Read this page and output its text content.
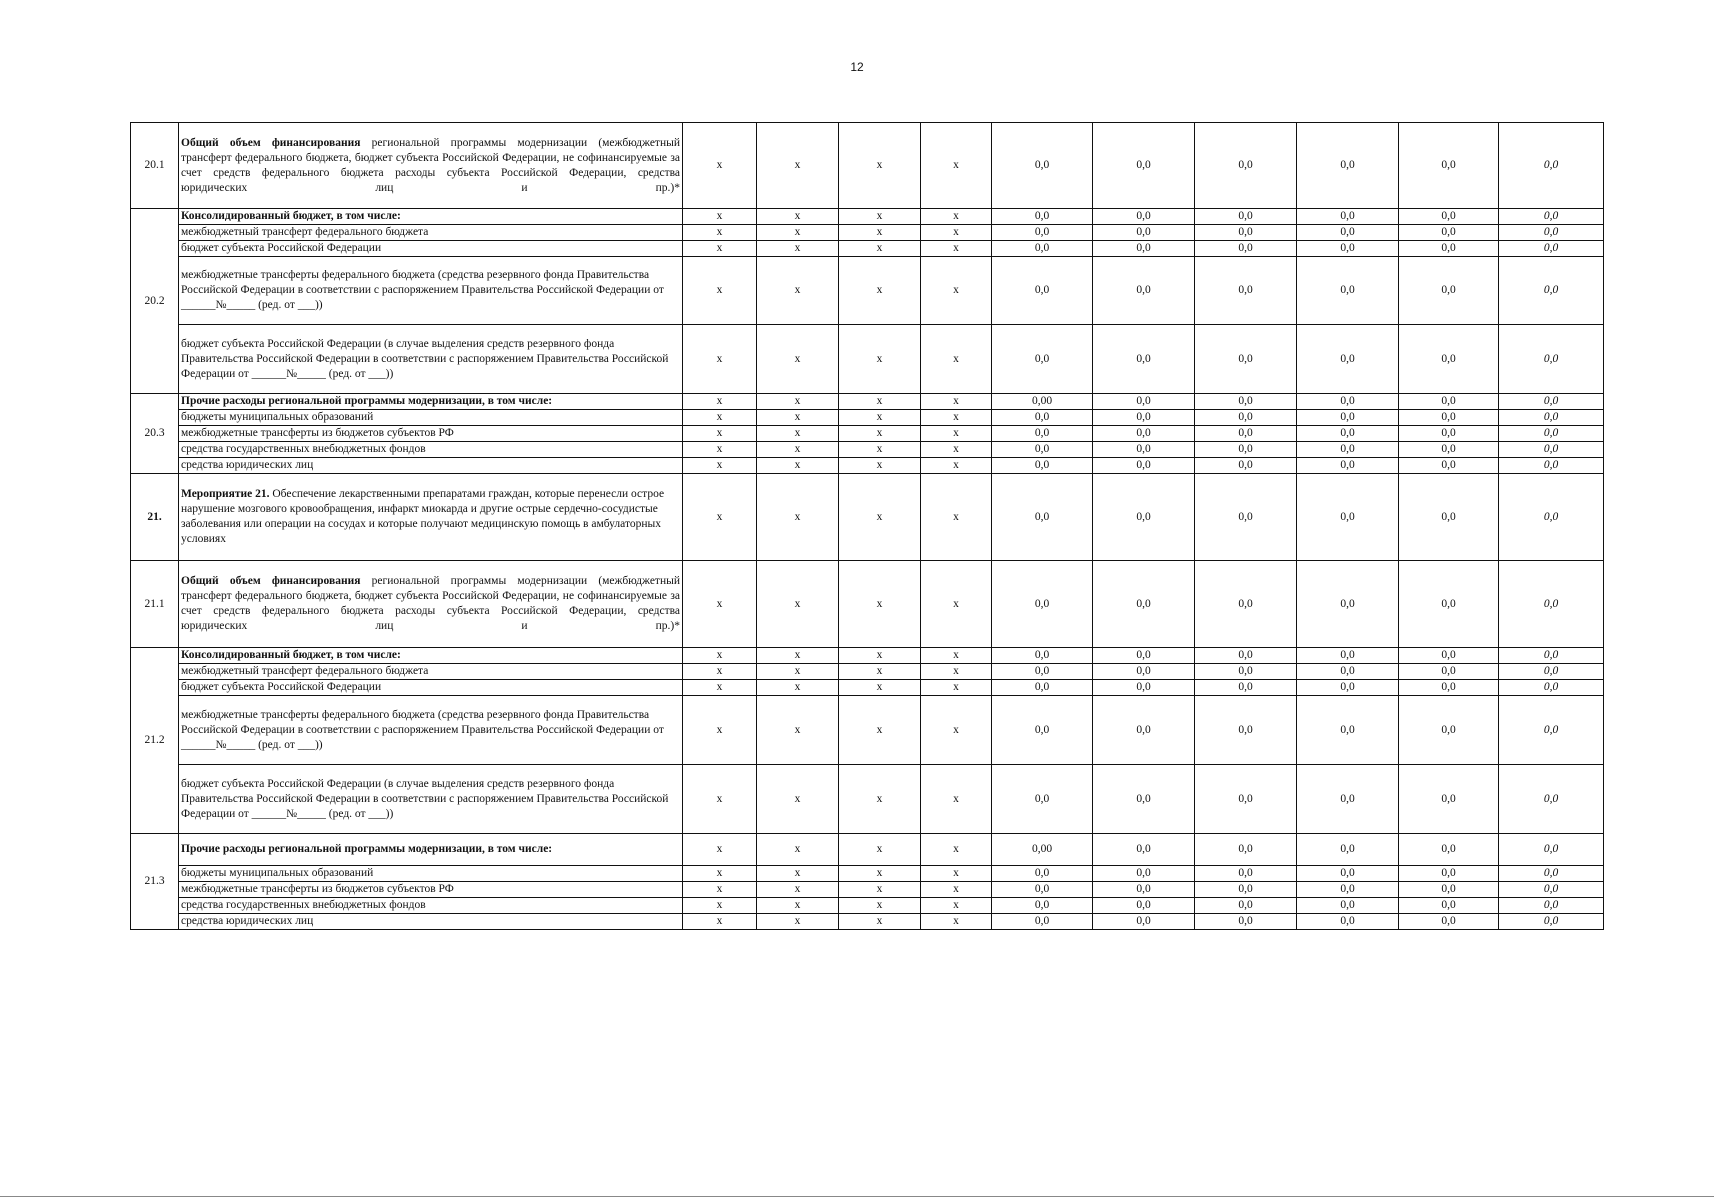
12
20.1	Общий объем финансирования региональной программы модернизации (межбюджетный трансферт федерального бюджета, бюджет субъекта Российской Федерации, не софинансируемые за счет средств федерального бюджета расходы субъекта Российской Федерации, средства юридических лиц и пр.)*	x	x	x	x	0,0	0,0	0,0	0,0	0,0	0,0
20.2	Консолидированный бюджет, в том числе:	x	x	x	x	0,0	0,0	0,0	0,0	0,0	0,0
	межбюджетный трансферт федерального бюджета	x	x	x	x	0,0	0,0	0,0	0,0	0,0	0,0
	бюджет субъекта Российской Федерации	x	x	x	x	0,0	0,0	0,0	0,0	0,0	0,0
	межбюджетные трансферты федерального бюджета (средства резервного фонда Правительства Российской Федерации в соответствии с распоряжением Правительства Российской Федерации от ______№_____ (ред. от ___))	x	x	x	x	0,0	0,0	0,0	0,0	0,0	0,0
	бюджет субъекта Российской Федерации (в случае выделения средств резервного фонда Правительства Российской Федерации в соответствии с распоряжением Правительства Российской Федерации от ______№_____ (ред. от ___))	x	x	x	x	0,0	0,0	0,0	0,0	0,0	0,0
20.3	Прочие расходы региональной программы модернизации, в том числе:	x	x	x	x	0,00	0,0	0,0	0,0	0,0	0,0
	бюджеты муниципальных образований	x	x	x	x	0,0	0,0	0,0	0,0	0,0	0,0
	межбюджетные трансферты из бюджетов субъектов РФ	x	x	x	x	0,0	0,0	0,0	0,0	0,0	0,0
	средства государственных внебюджетных фондов	x	x	x	x	0,0	0,0	0,0	0,0	0,0	0,0
	средства юридических лиц	x	x	x	x	0,0	0,0	0,0	0,0	0,0	0,0
21.	Мероприятие 21. Обеспечение лекарственными препаратами граждан, которые перенесли острое нарушение мозгового кровообращения, инфаркт миокарда и другие острые сердечно-сосудистые заболевания или операции на сосудах и которые получают медицинскую помощь в амбулаторных условиях	x	x	x	x	0,0	0,0	0,0	0,0	0,0	0,0
21.1	Общий объем финансирования региональной программы модернизации (межбюджетный трансферт федерального бюджета, бюджет субъекта Российской Федерации, не софинансируемые за счет средств федерального бюджета расходы субъекта Российской Федерации, средства юридических лиц и пр.)*	x	x	x	x	0,0	0,0	0,0	0,0	0,0	0,0
21.2	Консолидированный бюджет, в том числе:	x	x	x	x	0,0	0,0	0,0	0,0	0,0	0,0
	межбюджетный трансферт федерального бюджета	x	x	x	x	0,0	0,0	0,0	0,0	0,0	0,0
	бюджет субъекта Российской Федерации	x	x	x	x	0,0	0,0	0,0	0,0	0,0	0,0
	межбюджетные трансферты федерального бюджета (средства резервного фонда Правительства Российской Федерации в соответствии с распоряжением Правительства Российской Федерации от ______№_____ (ред. от ___))	x	x	x	x	0,0	0,0	0,0	0,0	0,0	0,0
	бюджет субъекта Российской Федерации (в случае выделения средств резервного фонда Правительства Российской Федерации в соответствии с распоряжением Правительства Российской Федерации от ______№_____ (ред. от ___))	x	x	x	x	0,0	0,0	0,0	0,0	0,0	0,0
21.3	Прочие расходы региональной программы модернизации, в том числе:	x	x	x	x	0,00	0,0	0,0	0,0	0,0	0,0
	бюджеты муниципальных образований	x	x	x	x	0,0	0,0	0,0	0,0	0,0	0,0
	межбюджетные трансферты из бюджетов субъектов РФ	x	x	x	x	0,0	0,0	0,0	0,0	0,0	0,0
	средства государственных внебюджетных фондов	x	x	x	x	0,0	0,0	0,0	0,0	0,0	0,0
	средства юридических лиц	x	x	x	x	0,0	0,0	0,0	0,0	0,0	0,0
